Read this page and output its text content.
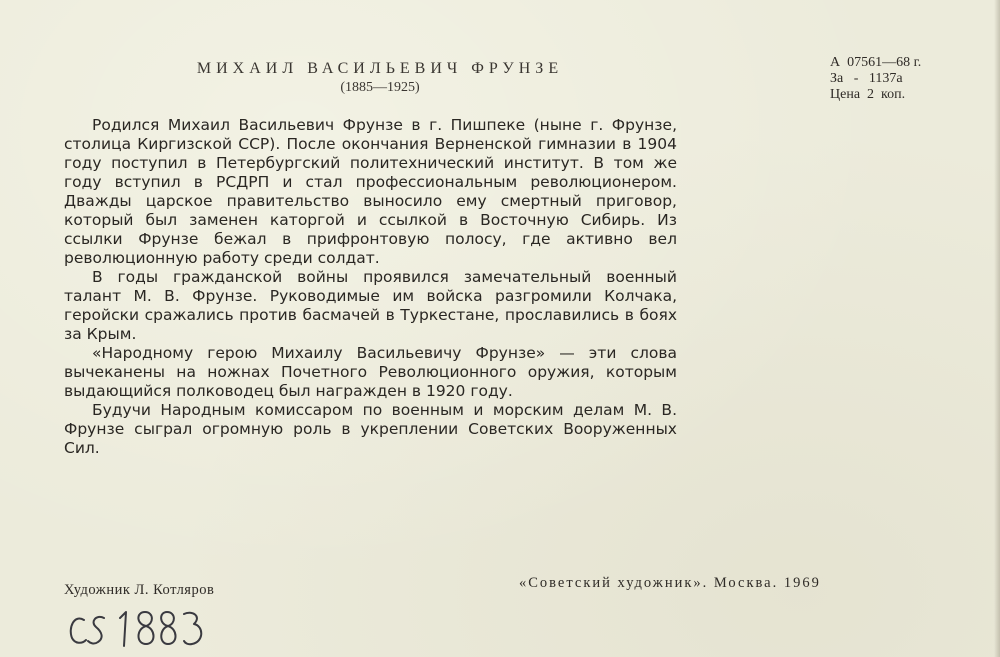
МИХАИЛ ВАСИЛЬЕВИЧ ФРУНЗЕ
(1885—1925)
А  07561—68 г.
За   -   1137а
Цена  2  коп.

Родился Михаил Васильевич Фрунзе в г. Пишпеке (ныне г. Фрунзе, столица Киргизской ССР). После окончания Верненской гимназии в 1904 году поступил в Петербургский политехнический институт. В том же году вступил в РСДРП и стал профессиональным революционером. Дважды царское правительство выносило ему смертный приговор, который был заменен каторгой и ссылкой в Восточную Сибирь. Из ссылки Фрунзе бежал в прифронтовую полосу, где активно вел революционную работу среди солдат.

В годы гражданской войны проявился замечательный военный талант М. В. Фрунзе. Руководимые им войска разгромили Колчака, геройски сражались против басмачей в Туркестане, прославились в боях за Крым.

«Народному герою Михаилу Васильевичу Фрунзе» — эти слова вычеканены на ножнах Почетного Революционного оружия, которым выдающийся полководец был награжден в 1920 году.

Будучи Народным комиссаром по военным и морским делам М. В. Фрунзе сыграл огромную роль в укреплении Советских Вооруженных Сил.

Художник Л. Котляров	«Советский художник». Москва. 1969
